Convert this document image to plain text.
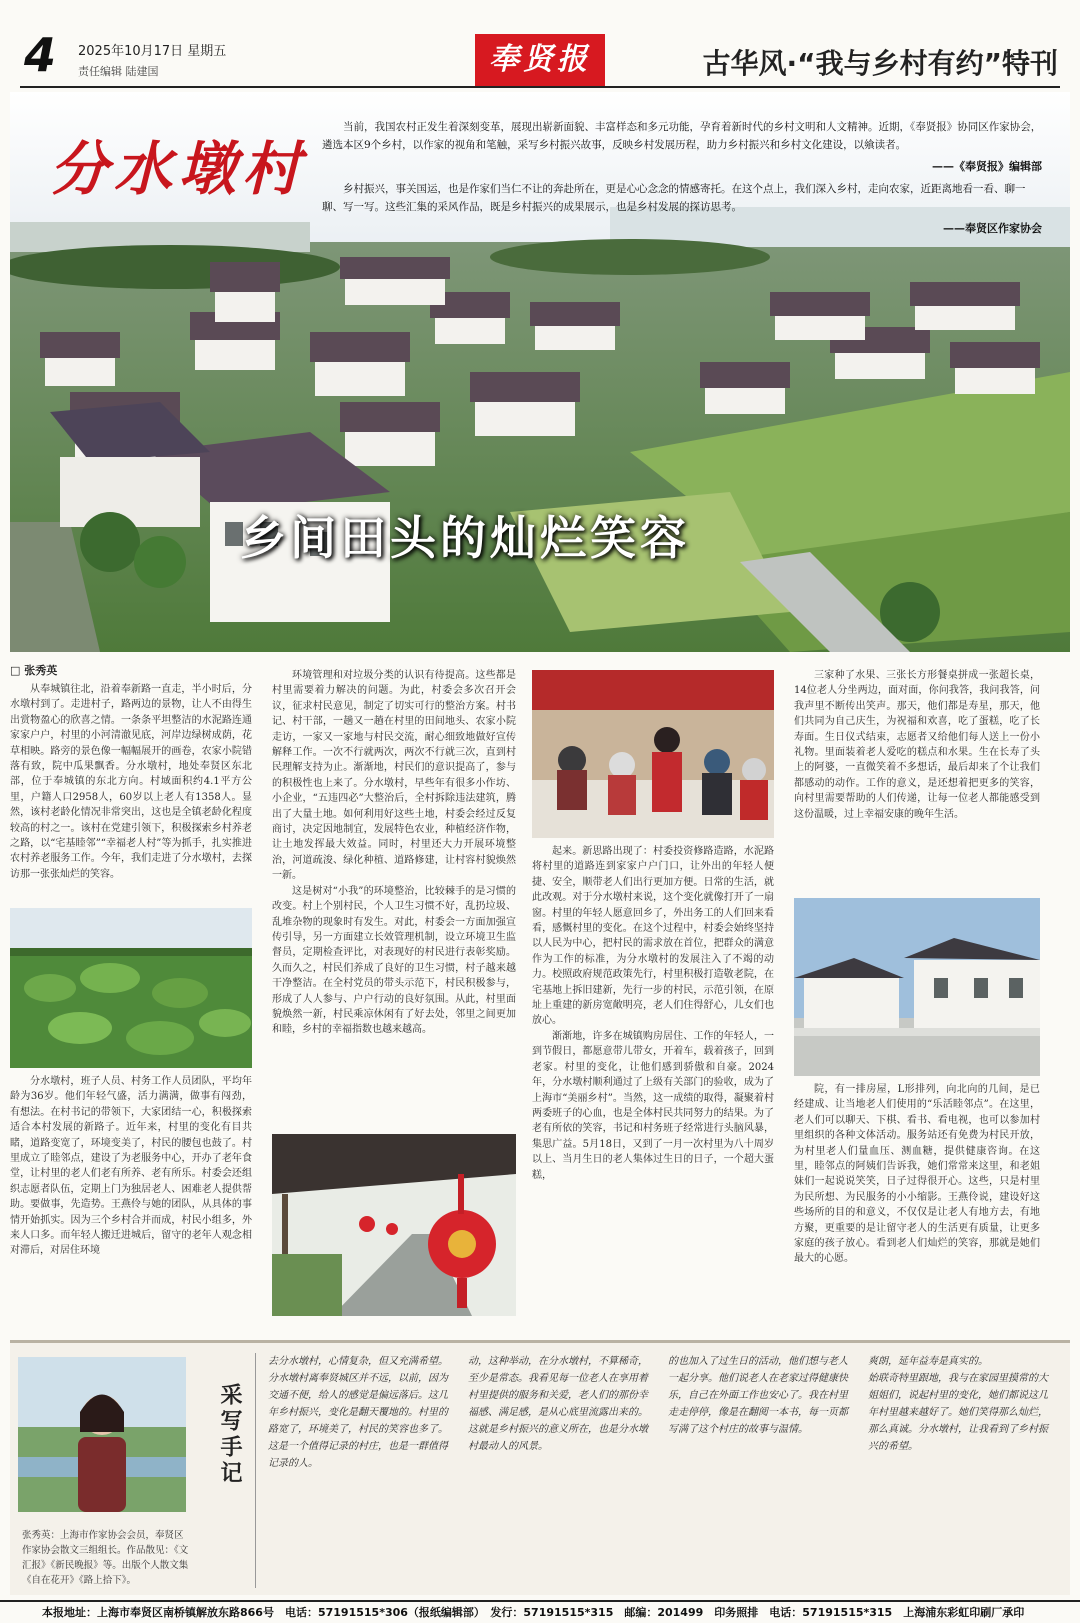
4 2025年10月17日 星期五
责任编辑 陆建国	奉贤报	古华风·“我与乡村有约”特刊
分水墩村

当前，我国农村正发生着深刻变革，展现出崭新面貌、丰富样态和多元功能，孕育着新时代的乡村文明和人文精神。近期，《奉贤报》协同区作家协会，遴选本区9个乡村，以作家的视角和笔触，采写乡村振兴故事，反映乡村发展历程，助力乡村振兴和乡村文化建设，以飨读者。

——《奉贤报》编辑部

乡村振兴，事关国运，也是作家们当仁不让的奔赴所在，更是心心念念的情感寄托。在这个点上，我们深入乡村，走向农家，近距离地看一看、聊一聊、写一写。这些汇集的采风作品，既是乡村振兴的成果展示，也是乡村发展的探访思考。

——奉贤区作家协会

乡间田头的灿烂笑容
□ 张秀英

从奉城镇往北，沿着奉新路一直走，半小时后，分水墩村到了。走进村子，路两边的景物，让人不由得生出赏物盈心的欣喜之情。一条条平坦整洁的水泥路连通家家户户，村里的小河清澈见底，河岸边绿树成荫，花草相映。路旁的景色像一幅幅展开的画卷，农家小院错落有致，院中瓜果飘香。分水墩村，地处奉贤区东北部，位于奉城镇的东北方向。村域面积约4.1平方公里，户籍人口2958人，60岁以上老人有1358人。显然，该村老龄化情况非常突出，这也是全镇老龄化程度较高的村之一。该村在党建引领下，积极探索乡村养老之路，以“宅基睦邻”“幸福老人村”等为抓手，扎实推进农村养老服务工作。今年，我们走进了分水墩村，去探访那一张张灿烂的笑容。

分水墩村，班子人员、村务工作人员团队，平均年龄为36岁。他们年轻气盛，活力满满，做事有闯劲，有想法。在村书记的带领下，大家团结一心，积极探索适合本村发展的新路子。近年来，村里的变化有目共睹，道路变宽了，环境变美了，村民的腰包也鼓了。村里成立了睦邻点，建设了为老服务中心，开办了老年食堂，让村里的老人们老有所养、老有所乐。村委会还组织志愿者队伍，定期上门为独居老人、困难老人提供帮助。要做事，先造势。王燕伶与她的团队，从具体的事情开始抓实。因为三个乡村合并而成，村民小组多，外来人口多。而年轻人搬迁进城后，留守的老年人观念相对滞后，对居住环境

环境管理和对垃圾分类的认识有待提高。这些都是村里需要着力解决的问题。为此，村委会多次召开会议，征求村民意见，制定了切实可行的整治方案。村书记、村干部，一趟又一趟在村里的田间地头、农家小院走访，一家又一家地与村民交流，耐心细致地做好宣传解释工作。一次不行就两次，两次不行就三次，直到村民理解支持为止。渐渐地，村民们的意识提高了，参与的积极性也上来了。分水墩村，早些年有很多小作坊、小企业，“五违四必”大整治后，全村拆除违法建筑，腾出了大量土地。如何利用好这些土地，村委会经过反复商讨，决定因地制宜，发展特色农业，种植经济作物，让土地发挥最大效益。同时，村里还大力开展环境整治，河道疏浚、绿化种植、道路修建，让村容村貌焕然一新。

这是树对“小我”的环境整治，比较棘手的是习惯的改变。村上个别村民，个人卫生习惯不好，乱扔垃圾、乱堆杂物的现象时有发生。对此，村委会一方面加强宣传引导，另一方面建立长效管理机制，设立环境卫生监督员，定期检查评比，对表现好的村民进行表彰奖励。久而久之，村民们养成了良好的卫生习惯，村子越来越干净整洁。在全村党员的带头示范下，村民积极参与，形成了人人参与、户户行动的良好氛围。从此，村里面貌焕然一新，村民乘凉休闲有了好去处，邻里之间更加和睦，乡村的幸福指数也越来越高。

起来。新思路出现了：村委投资修路造路，水泥路将村里的道路连到家家户户门口，让外出的年轻人便捷、安全，顺带老人们出行更加方便。日常的生活，就此改观。对于分水墩村来说，这个变化就像打开了一扇窗。村里的年轻人愿意回乡了，外出务工的人们回来看看，感慨村里的变化。在这个过程中，村委会始终坚持以人民为中心，把村民的需求放在首位，把群众的满意作为工作的标准，为分水墩村的发展注入了不竭的动力。校照政府规范政策先行，村里积极打造敬老院，在宅基地上拆旧建新，先行一步的村民，示范引领，在原址上重建的新房宽敞明亮，老人们住得舒心，儿女们也放心。

渐渐地，许多在城镇购房居住、工作的年轻人，一到节假日，都愿意带儿带女，开着车，载着孩子，回到老家。村里的变化，让他们感到骄傲和自豪。2024年，分水墩村顺利通过了上级有关部门的验收，成为了上海市“美丽乡村”。当然，这一成绩的取得，凝聚着村两委班子的心血，也是全体村民共同努力的结果。为了老有所依的笑容，书记和村务班子经常进行头脑风暴，集思广益。5月18日，又到了一月一次村里为八十周岁以上、当月生日的老人集体过生日的日子，一个超大蛋糕，

三家种了水果、三张长方形餐桌拼成一张超长桌，14位老人分坐两边，面对面，你问我答，我问我答，问我声里不断传出笑声。那天，他们都是寿星，那天，他们共同为自己庆生，为祝福和欢喜，吃了蛋糕，吃了长寿面。生日仪式结束，志愿者又给他们每人送上一份小礼物。里面装着老人爱吃的糕点和水果。生在长寿了头上的阿婆，一直微笑着不多想话，最后却来了个让我们都感动的动作。工作的意义，是还想着把更多的笑容，向村里需要帮助的人们传递，让每一位老人都能感受到这份温暖，过上幸福安康的晚年生活。

院，有一排房屋，L形排列，向北向的几间，是已经建成、让当地老人们使用的“乐活睦邻点”。在这里，老人们可以聊天、下棋、看书、看电视，也可以参加村里组织的各种文体活动。服务站还有免费为村民开放，为村里老人们量血压、测血糖，提供健康咨询。在这里，睦邻点的阿姨们告诉我，她们常常来这里，和老姐妹们一起说说笑笑，日子过得很开心。这些，只是村里为民所想、为民服务的小小缩影。王燕伶说，建设好这些场所的目的和意义，不仅仅是让老人有地方去，有地方聚，更重要的是让留守老人的生活更有质量，让更多家庭的孩子放心。看到老人们灿烂的笑容，那就是她们最大的心愿。

张秀英：上海市作家协会会员，奉贤区作家协会散文三组组长。作品散见：《文汇报》《新民晚报》等。出版个人散文集《自在花开》《路上拾下》。
采写手记
去分水墩村，心情复杂，但又充满希望。分水墩村离奉贤城区并不远，以前，因为交通不便，给人的感觉是偏远落后。这几年乡村振兴，变化是翻天覆地的。村里的路宽了，环境美了，村民的笑容也多了。这是一个值得记录的村庄，也是一群值得记录的人。
动，这种举动，在分水墩村，不算稀奇，至少是常态。我看见每一位老人在享用着村里提供的服务和关爱，老人们的那份幸福感、满足感，是从心底里流露出来的。这就是乡村振兴的意义所在，也是分水墩村最动人的风景。
的也加入了过生日的活动，他们想与老人一起分享。他们说老人在老家过得健康快乐，自己在外面工作也安心了。我在村里走走停停，像是在翻阅一本书，每一页都写满了这个村庄的故事与温情。
爽朗，延年益寿是真实的。
始联奇特里跟地，我与在家园里摸常的大姐姐们，说起村里的变化，她们都说这几年村里越来越好了。她们笑得那么灿烂，那么真诚。分水墩村，让我看到了乡村振兴的希望。
本报地址：上海市奉贤区南桥镇解放东路866号　电话：57191515*306（报纸编辑部）　发行：57191515*315　邮编：201499　印务照排　电话：57191515*315　上海浦东彩虹印刷厂承印
